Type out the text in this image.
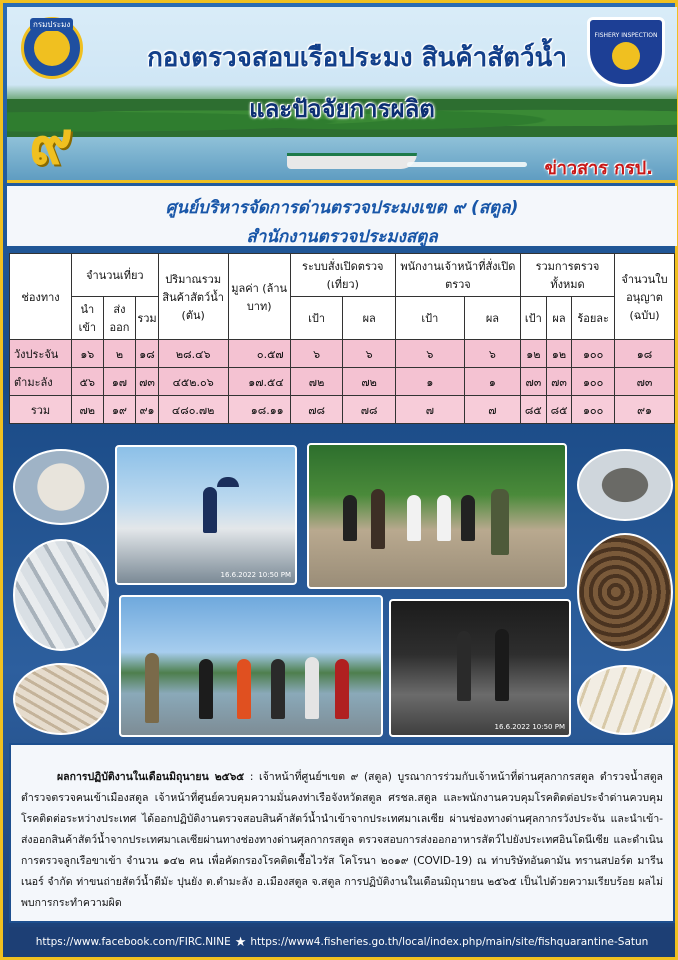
กรมประมง
FISHERY INSPECTION
กองตรวจสอบเรือประมง สินค้าสัตว์น้ำ
และปัจจัยการผลิต
๙	ข่าวสาร กรป.
ศูนย์บริหารจัดการด่านตรวจประมงเขต ๙ (สตูล)
สำนักงานตรวจประมงสตูล
ช่องทาง	จำนวนเที่ยว			ปริมาณรวมสินค้าสัตว์น้ำ (ตัน)	มูลค่า (ล้านบาท)	ระบบสั่งเปิดตรวจ (เที่ยว)		พนักงานเจ้าหน้าที่สั่งเปิดตรวจ		รวมการตรวจทั้งหมด			จำนวนใบอนุญาต (ฉบับ)
	นำเข้า	ส่งออก	รวม			เป้า	ผล	เป้า	ผล	เป้า	ผล	ร้อยละ	
วังประจัน	๑๖	๒	๑๘	๒๘.๔๖	๐.๕๗	๖	๖	๖	๖	๑๒	๑๒	๑๐๐	๑๘
ตำมะลัง	๕๖	๑๗	๗๓	๔๕๒.๐๖	๑๗.๕๔	๗๒	๗๒	๑	๑	๗๓	๗๓	๑๐๐	๗๓
รวม	๗๒	๑๙	๙๑	๔๘๐.๗๒	๑๘.๑๑	๗๘	๗๘	๗	๗	๘๕	๘๕	๑๐๐	๙๑
16.6.2022 10:50 PM
16.6.2022 10:50 PM
ผลการปฏิบัติงานในเดือนมิถุนายน ๒๕๖๕ : เจ้าหน้าที่ศูนย์ฯเขต ๙ (สตูล) บูรณาการร่วมกับเจ้าหน้าที่ด่านศุลกากรสตูล ตำรวจน้ำสตูล ตำรวจตรวจคนเข้าเมืองสตูล เจ้าหน้าที่ศูนย์ควบคุมความมั่นคงท่าเรือจังหวัดสตูล ศรชล.สตูล และพนักงานควบคุมโรคติดต่อประจำด่านควบคุมโรคติดต่อระหว่างประเทศ ได้ออกปฏิบัติงานตรวจสอบสินค้าสัตว์น้ำนำเข้าจากประเทศมาเลเซีย ผ่านช่องทางด่านศุลกากรวังประจัน และนำเข้า-ส่งออกสินค้าสัตว์น้ำจากประเทศมาเลเซียผ่านทางช่องทางด่านศุลกากรสตูล ตรวจสอบการส่งออกอาหารสัตว์ไปยังประเทศอินโดนีเซีย และดำเนินการตรวจลูกเรือขาเข้า จำนวน ๑๔๒ คน เพื่อคัดกรองโรคติดเชื้อไวรัส โคโรนา ๒๐๑๙ (COVID-19) ณ ท่าบริษัทอันดามัน ทรานสปอร์ต มารีนเนอร์ จำกัด ท่าขนถ่ายสัตว์น้ำดีมัะ ปุนยัง ต.ตำมะลัง อ.เมืองสตูล จ.สตูล การปฏิบัติงานในเดือนมิถุนายน ๒๕๖๕ เป็นไปด้วยความเรียบร้อย ผลไม่พบการกระทำความผิด
https://www.facebook.com/FIRC.NINE ★ https://www4.fisheries.go.th/local/index.php/main/site/fishquarantine-Satun
